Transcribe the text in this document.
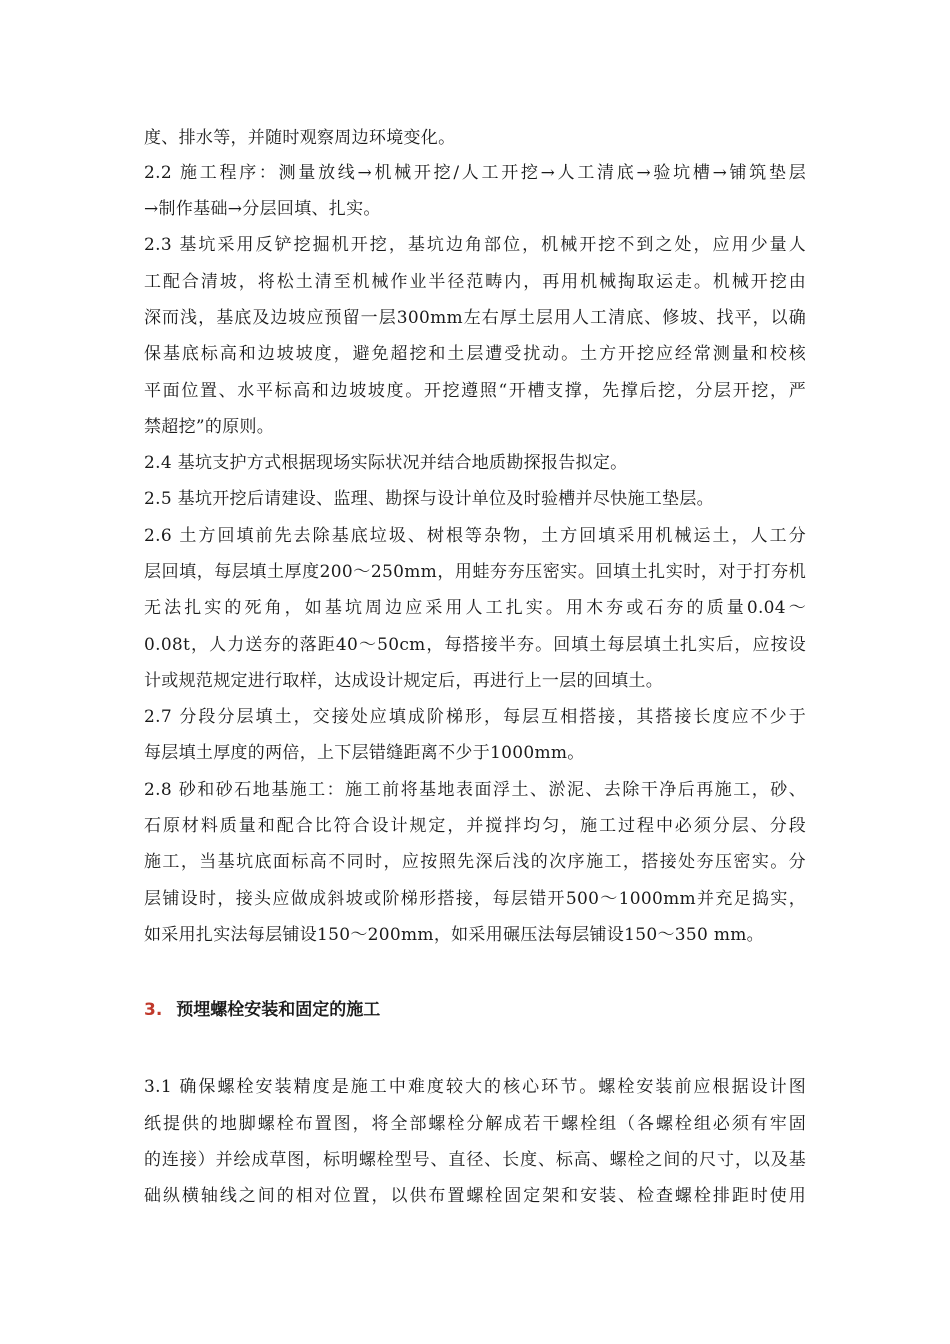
度、排水等，并随时观察周边环境变化。
2.2 施工程序：测量放线→机械开挖/人工开挖→人工清底→验坑槽→铺筑垫层
→制作基础→分层回填、扎实。
2.3 基坑采用反铲挖掘机开挖，基坑边角部位，机械开挖不到之处，应用少量人
工配合清坡，将松土清至机械作业半径范畴内，再用机械掏取运走。机械开挖由
深而浅，基底及边坡应预留一层300mm左右厚土层用人工清底、修坡、找平，以确
保基底标高和边坡坡度，避免超挖和土层遭受扰动。土方开挖应经常测量和校核
平面位置、水平标高和边坡坡度。开挖遵照“开槽支撑，先撑后挖，分层开挖，严
禁超挖”的原则。
2.4 基坑支护方式根据现场实际状况并结合地质勘探报告拟定。
2.5 基坑开挖后请建设、监理、勘探与设计单位及时验槽并尽快施工垫层。
2.6 土方回填前先去除基底垃圾、树根等杂物，土方回填采用机械运土，人工分
层回填，每层填土厚度200～250mm，用蛙夯夯压密实。回填土扎实时，对于打夯机
无法扎实的死角，如基坑周边应采用人工扎实。用木夯或石夯的质量0.04～
0.08t，人力送夯的落距40～50cm，每搭接半夯。回填土每层填土扎实后，应按设
计或规范规定进行取样，达成设计规定后，再进行上一层的回填土。
2.7 分段分层填土，交接处应填成阶梯形，每层互相搭接，其搭接长度应不少于
每层填土厚度的两倍，上下层错缝距离不少于1000mm。
2.8 砂和砂石地基施工：施工前将基地表面浮土、淤泥、去除干净后再施工，砂、
石原材料质量和配合比符合设计规定，并搅拌均匀，施工过程中必须分层、分段
施工，当基坑底面标高不同时，应按照先深后浅的次序施工，搭接处夯压密实。分
层铺设时，接头应做成斜坡或阶梯形搭接，每层错开500～1000mm并充足捣实，
如采用扎实法每层铺设150～200mm，如采用碾压法每层铺设150～350 mm。
3. 预埋螺栓安装和固定的施工
3.1 确保螺栓安装精度是施工中难度较大的核心环节。螺栓安装前应根据设计图
纸提供的地脚螺栓布置图，将全部螺栓分解成若干螺栓组（各螺栓组必须有牢固
的连接）并绘成草图，标明螺栓型号、直径、长度、标高、螺栓之间的尺寸，以及基
础纵横轴线之间的相对位置，以供布置螺栓固定架和安装、检查螺栓排距时使用
